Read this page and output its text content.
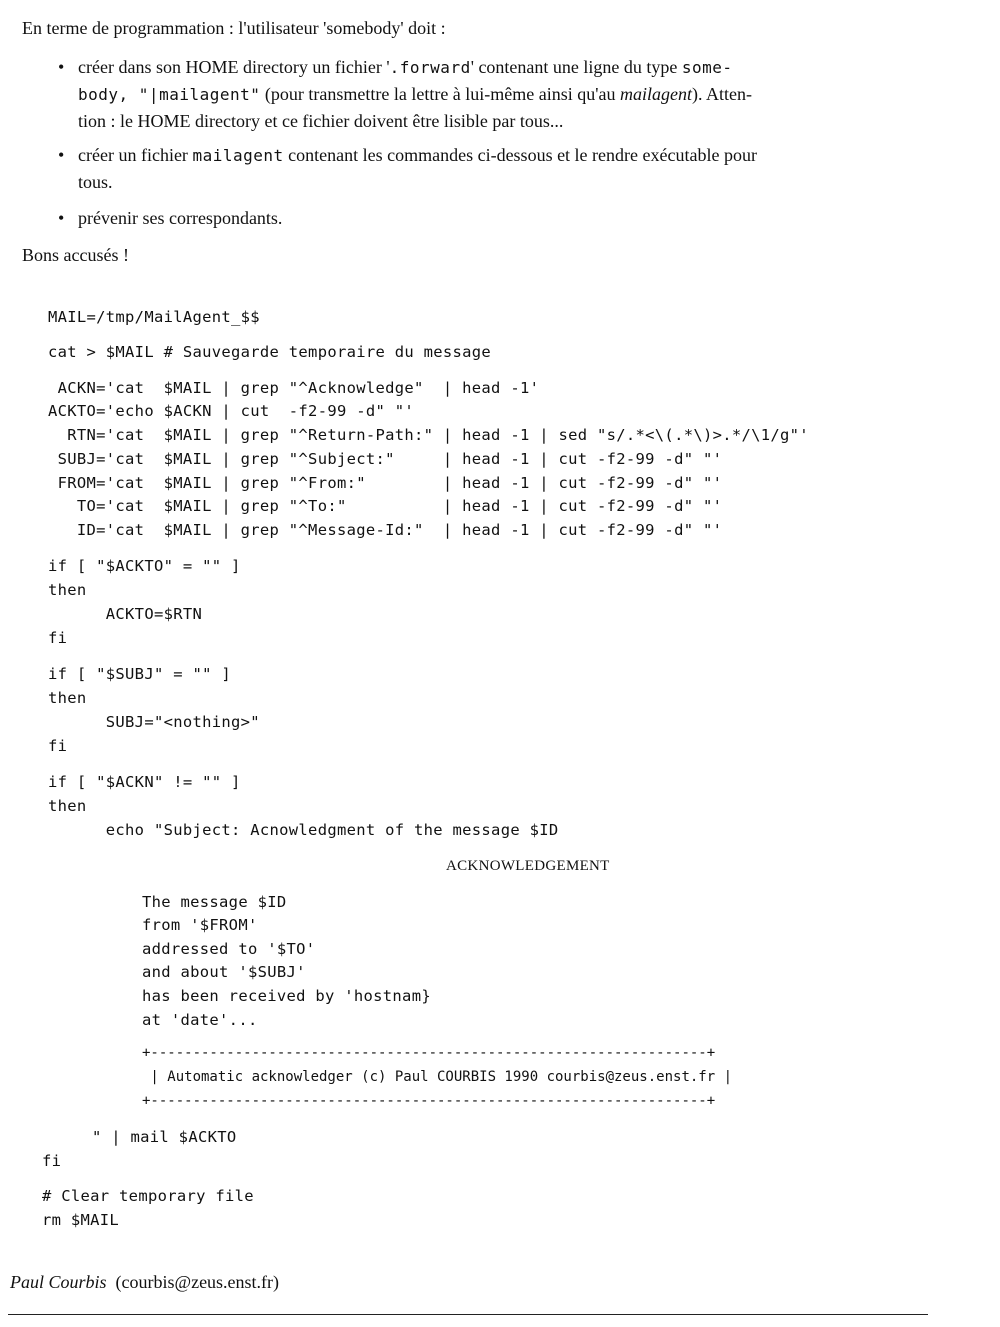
En terme de programmation : l'utilisateur 'somebody' doit :
• créer dans son HOME directory un fichier '.forward' contenant une ligne du type some-
body, "|mailagent" (pour transmettre la lettre à lui-même ainsi qu'au mailagent). Atten-
tion : le HOME directory et ce fichier doivent être lisible par tous...
• créer un fichier mailagent contenant les commandes ci-dessous et le rendre exécutable pour
tous.
• prévenir ses correspondants.
Bons accusés !
MAIL=/tmp/MailAgent_$$
cat > $MAIL # Sauvegarde temporaire du message
ACKN='cat  $MAIL | grep "^Acknowledge"  | head -1'
ACKTO='echo $ACKN | cut  -f2-99 -d" "'
RTN='cat  $MAIL | grep "^Return-Path:" | head -1 | sed "s/.*<\(.*\)>.*/\1/g"'
SUBJ='cat  $MAIL | grep "^Subject:"     | head -1 | cut -f2-99 -d" "'
FROM='cat  $MAIL | grep "^From:"        | head -1 | cut -f2-99 -d" "'
TO='cat  $MAIL | grep "^To:"          | head -1 | cut -f2-99 -d" "'
ID='cat  $MAIL | grep "^Message-Id:"  | head -1 | cut -f2-99 -d" "'
if [ "$ACKTO" = "" ]
then
ACKTO=$RTN
fi
if [ "$SUBJ" = "" ]
then
SUBJ="<nothing>"
fi
if [ "$ACKN" != "" ]
then
echo "Subject: Acnowledgment of the message $ID
ACKNOWLEDGEMENT
The message $ID
from '$FROM'
addressed to '$TO'
and about '$SUBJ'
has been received by 'hostnam}
at 'date'...
+------------------------------------------------------------------+
| Automatic acknowledger (c) Paul COURBIS 1990 courbis@zeus.enst.fr |
+------------------------------------------------------------------+
" | mail $ACKTO
fi
# Clear temporary file
rm $MAIL
Paul Courbis (courbis@zeus.enst.fr)
